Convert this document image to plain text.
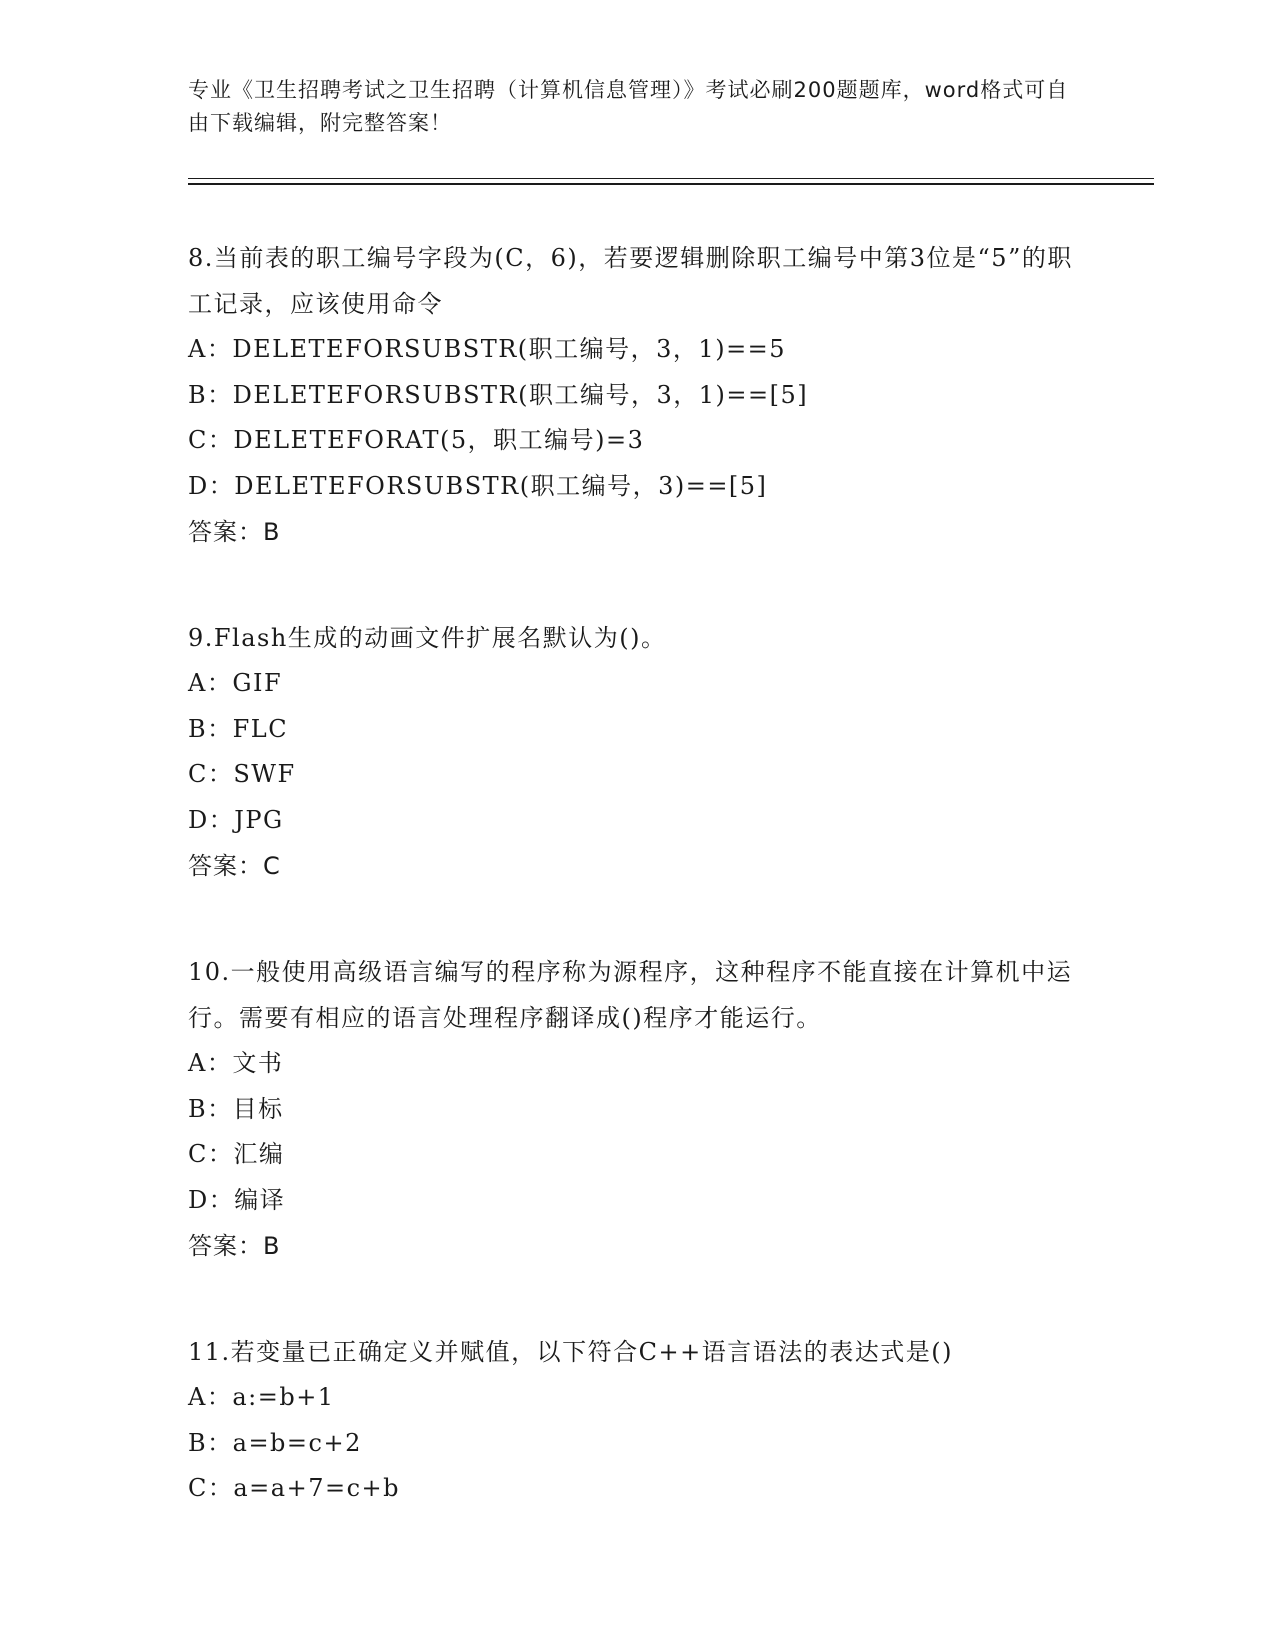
专业《卫生招聘考试之卫生招聘（计算机信息管理）》考试必刷200题题库，word格式可自由下载编辑，附完整答案！
8.当前表的职工编号字段为(C，6)，若要逻辑删除职工编号中第3位是“5”的职工记录，应该使用命令
A：DELETEFORSUBSTR(职工编号，3，1)==5
B：DELETEFORSUBSTR(职工编号，3，1)==[5]
C：DELETEFORAT(5，职工编号)=3
D：DELETEFORSUBSTR(职工编号，3)==[5]
答案：B
9.Flash生成的动画文件扩展名默认为()。
A：GIF
B：FLC
C：SWF
D：JPG
答案：C
10.一般使用高级语言编写的程序称为源程序，这种程序不能直接在计算机中运行。需要有相应的语言处理程序翻译成()程序才能运行。
A：文书
B：目标
C：汇编
D：编译
答案：B
11.若变量已正确定义并赋值，以下符合C++语言语法的表达式是()
A：a:=b+1
B：a=b=c+2
C：a=a+7=c+b
